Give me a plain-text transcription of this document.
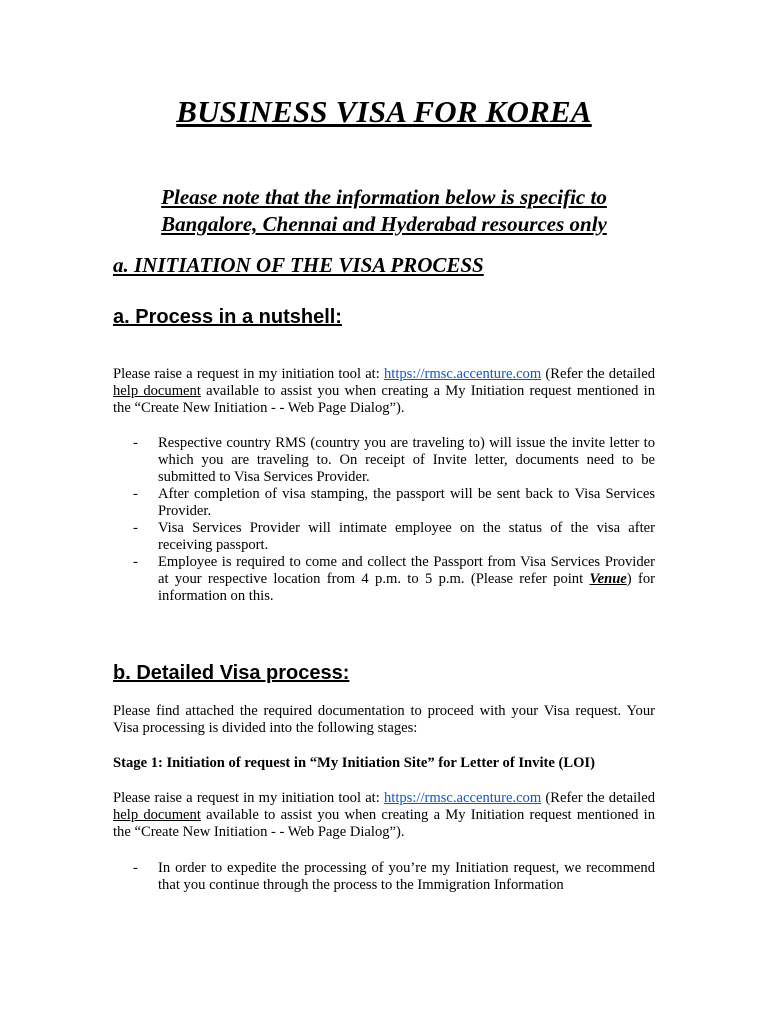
BUSINESS VISA FOR KOREA
Please note that the information below is specific to
Bangalore, Chennai and Hyderabad resources only
a. INITIATION OF THE VISA PROCESS
a. Process in a nutshell:

Please raise a request in my initiation tool at: https://rmsc.accenture.com (Refer the detailed help document available to assist you when creating a My Initiation request mentioned in the “Create New Initiation - - Web Page Dialog”).

- Respective country RMS (country you are traveling to) will issue the invite letter to which you are traveling to. On receipt of Invite letter, documents need to be submitted to Visa Services Provider.
- After completion of visa stamping, the passport will be sent back to Visa Services Provider.
- Visa Services Provider will intimate employee on the status of the visa after receiving passport.
- Employee is required to come and collect the Passport from Visa Services Provider at your respective location from 4 p.m. to 5 p.m. (Please refer point Venue) for information on this.
b. Detailed Visa process:

Please find attached the required documentation to proceed with your Visa request. Your Visa processing is divided into the following stages:

Stage 1: Initiation of request in “My Initiation Site” for Letter of Invite (LOI)

Please raise a request in my initiation tool at: https://rmsc.accenture.com (Refer the detailed help document available to assist you when creating a My Initiation request mentioned in the “Create New Initiation - - Web Page Dialog”).

- In order to expedite the processing of you’re my Initiation request, we recommend that you continue through the process to the Immigration Information
